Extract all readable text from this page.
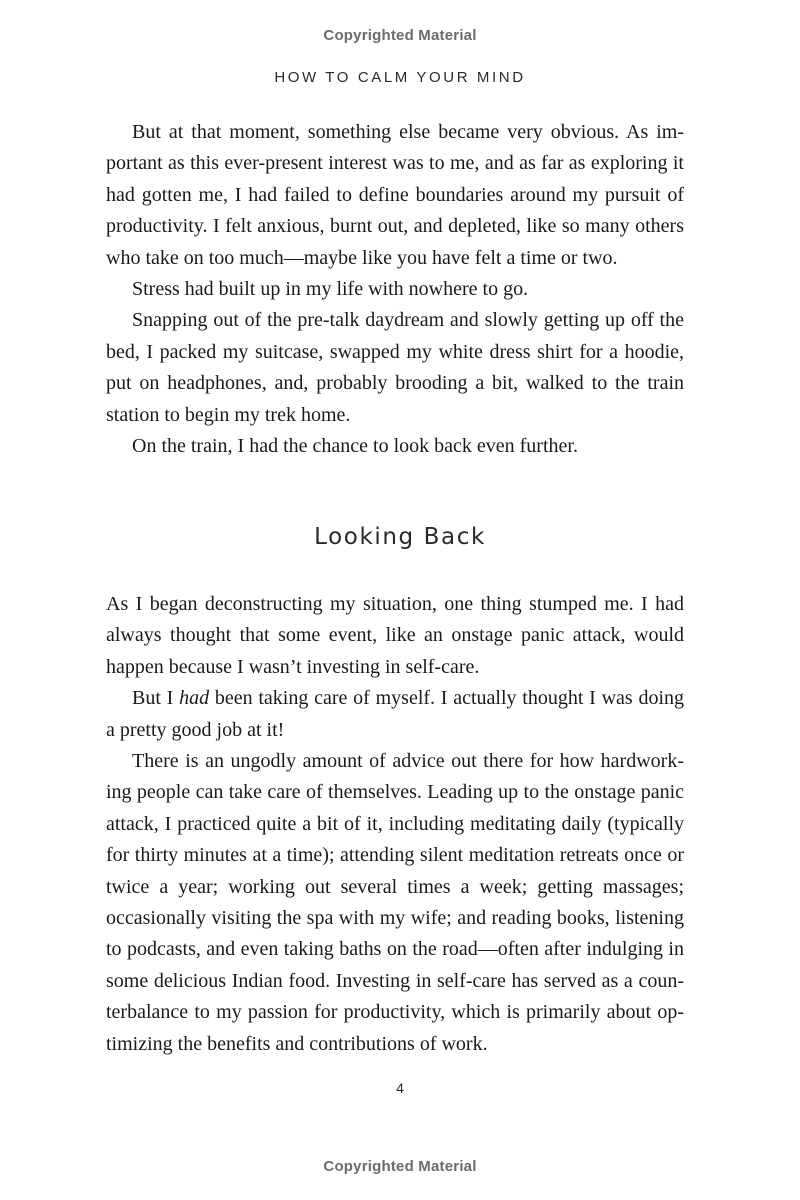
Copyrighted Material
HOW TO CALM YOUR MIND

But at that moment, something else became very obvious. As important as this ever-present interest was to me, and as far as exploring it had gotten me, I had failed to define boundaries around my pursuit of productivity. I felt anxious, burnt out, and depleted, like so many others who take on too much—maybe like you have felt a time or two.

Stress had built up in my life with nowhere to go.

Snapping out of the pre-talk daydream and slowly getting up off the bed, I packed my suitcase, swapped my white dress shirt for a hoodie, put on headphones, and, probably brooding a bit, walked to the train station to begin my trek home.

On the train, I had the chance to look back even further.

Looking Back

As I began deconstructing my situation, one thing stumped me. I had always thought that some event, like an onstage panic attack, would happen because I wasn’t investing in self-care.

But I had been taking care of myself. I actually thought I was doing a pretty good job at it!

There is an ungodly amount of advice out there for how hardworking people can take care of themselves. Leading up to the onstage panic attack, I practiced quite a bit of it, including meditating daily (typically for thirty minutes at a time); attending silent meditation retreats once or twice a year; working out several times a week; getting massages; occasionally visiting the spa with my wife; and reading books, listening to podcasts, and even taking baths on the road—often after indulging in some delicious Indian food. Investing in self-care has served as a counterbalance to my passion for productivity, which is primarily about optimizing the benefits and contributions of work.

4
Copyrighted Material
